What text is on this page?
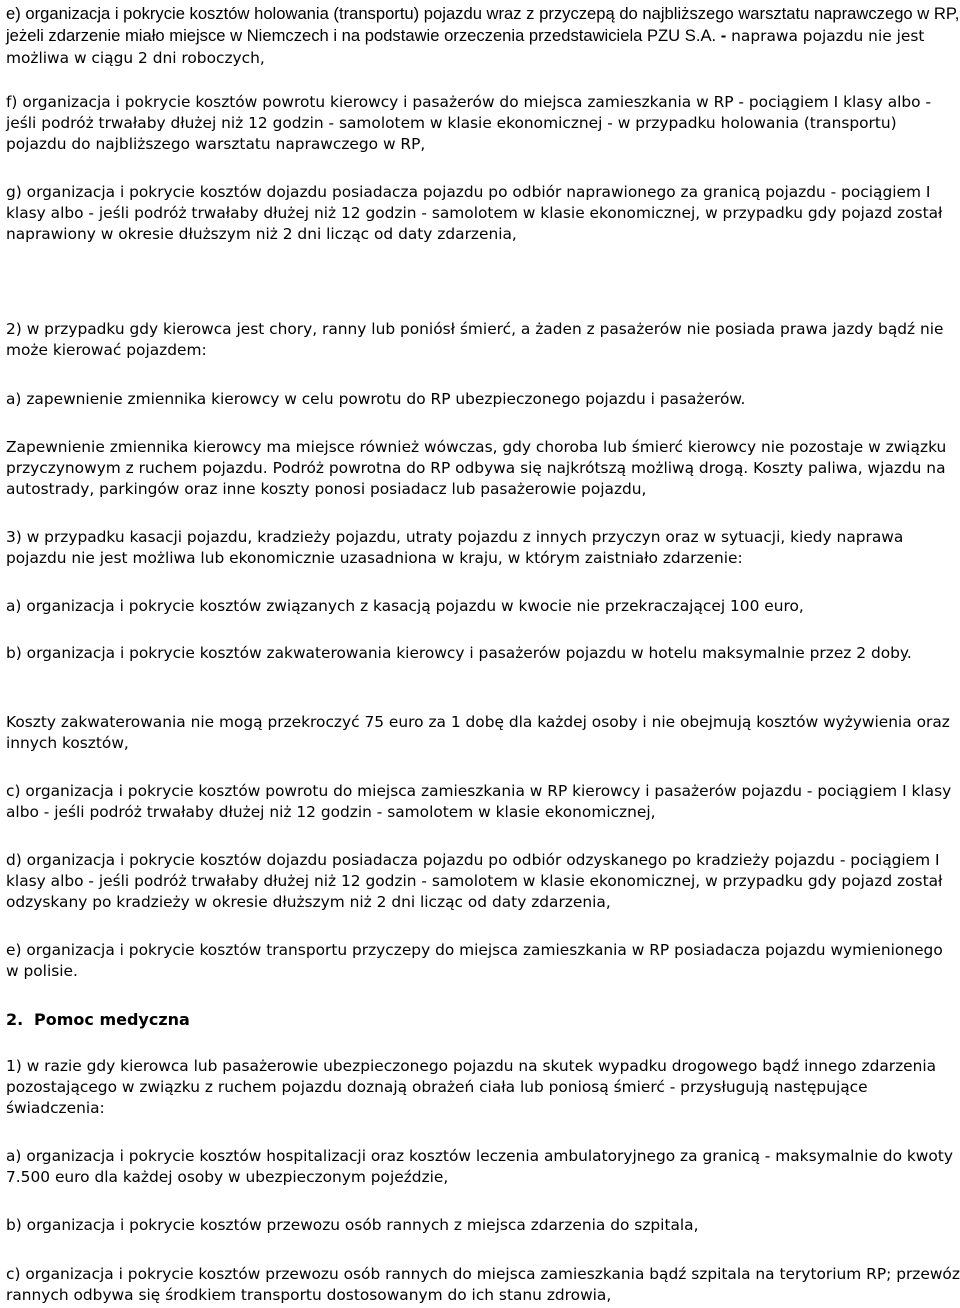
e) organizacja i pokrycie kosztów holowania (transportu) pojazdu wraz z przyczepą do najbliższego warsztatu naprawczego w RP, jeżeli zdarzenie miało miejsce w Niemczech i na podstawie orzeczenia przedstawiciela PZU S.A. - naprawa pojazdu nie jest możliwa w ciągu 2 dni roboczych,

f) organizacja i pokrycie kosztów powrotu kierowcy i pasażerów do miejsca zamieszkania w RP - pociągiem I klasy albo - jeśli podróż trwałaby dłużej niż 12 godzin - samolotem w klasie ekonomicznej - w przypadku holowania (transportu) pojazdu do najbliższego warsztatu naprawczego w RP,

g) organizacja i pokrycie kosztów dojazdu posiadacza pojazdu po odbiór naprawionego za granicą pojazdu - pociągiem I klasy albo - jeśli podróż trwałaby dłużej niż 12 godzin - samolotem w klasie ekonomicznej, w przypadku gdy pojazd został naprawiony w okresie dłuższym niż 2 dni licząc od daty zdarzenia,

2) w przypadku gdy kierowca jest chory, ranny lub poniósł śmierć, a żaden z pasażerów nie posiada prawa jazdy bądź nie może kierować pojazdem:

a) zapewnienie zmiennika kierowcy w celu powrotu do RP ubezpieczonego pojazdu i pasażerów.

Zapewnienie zmiennika kierowcy ma miejsce również wówczas, gdy choroba lub śmierć kierowcy nie pozostaje w związku przyczynowym z ruchem pojazdu. Podróż powrotna do RP odbywa się najkrótszą możliwą drogą. Koszty paliwa, wjazdu na autostrady, parkingów oraz inne koszty ponosi posiadacz lub pasażerowie pojazdu,

3) w przypadku kasacji pojazdu, kradzieży pojazdu, utraty pojazdu z innych przyczyn oraz w sytuacji, kiedy naprawa pojazdu nie jest możliwa lub ekonomicznie uzasadniona w kraju, w którym zaistniało zdarzenie:

a) organizacja i pokrycie kosztów związanych z kasacją pojazdu w kwocie nie przekraczającej 100 euro,

b) organizacja i pokrycie kosztów zakwaterowania kierowcy i pasażerów pojazdu w hotelu maksymalnie przez 2 doby.

Koszty zakwaterowania nie mogą przekroczyć 75 euro za 1 dobę dla każdej osoby i nie obejmują kosztów wyżywienia oraz innych kosztów,

c) organizacja i pokrycie kosztów powrotu do miejsca zamieszkania w RP kierowcy i pasażerów pojazdu - pociągiem I klasy albo - jeśli podróż trwałaby dłużej niż 12 godzin - samolotem w klasie ekonomicznej,

d) organizacja i pokrycie kosztów dojazdu posiadacza pojazdu po odbiór odzyskanego po kradzieży pojazdu - pociągiem I klasy albo - jeśli podróż trwałaby dłużej niż 12 godzin - samolotem w klasie ekonomicznej, w przypadku gdy pojazd został odzyskany po kradzieży w okresie dłuższym niż 2 dni licząc od daty zdarzenia,

e) organizacja i pokrycie kosztów transportu przyczepy do miejsca zamieszkania w RP posiadacza pojazdu wymienionego w polisie.

2. Pomoc medyczna

1) w razie gdy kierowca lub pasażerowie ubezpieczonego pojazdu na skutek wypadku drogowego bądź innego zdarzenia pozostającego w związku z ruchem pojazdu doznają obrażeń ciała lub poniosą śmierć - przysługują następujące świadczenia:

a) organizacja i pokrycie kosztów hospitalizacji oraz kosztów leczenia ambulatoryjnego za granicą - maksymalnie do kwoty 7.500 euro dla każdej osoby w ubezpieczonym pojeździe,

b) organizacja i pokrycie kosztów przewozu osób rannych z miejsca zdarzenia do szpitala,

c) organizacja i pokrycie kosztów przewozu osób rannych do miejsca zamieszkania bądź szpitala na terytorium RP; przewóz rannych odbywa się środkiem transportu dostosowanym do ich stanu zdrowia,
